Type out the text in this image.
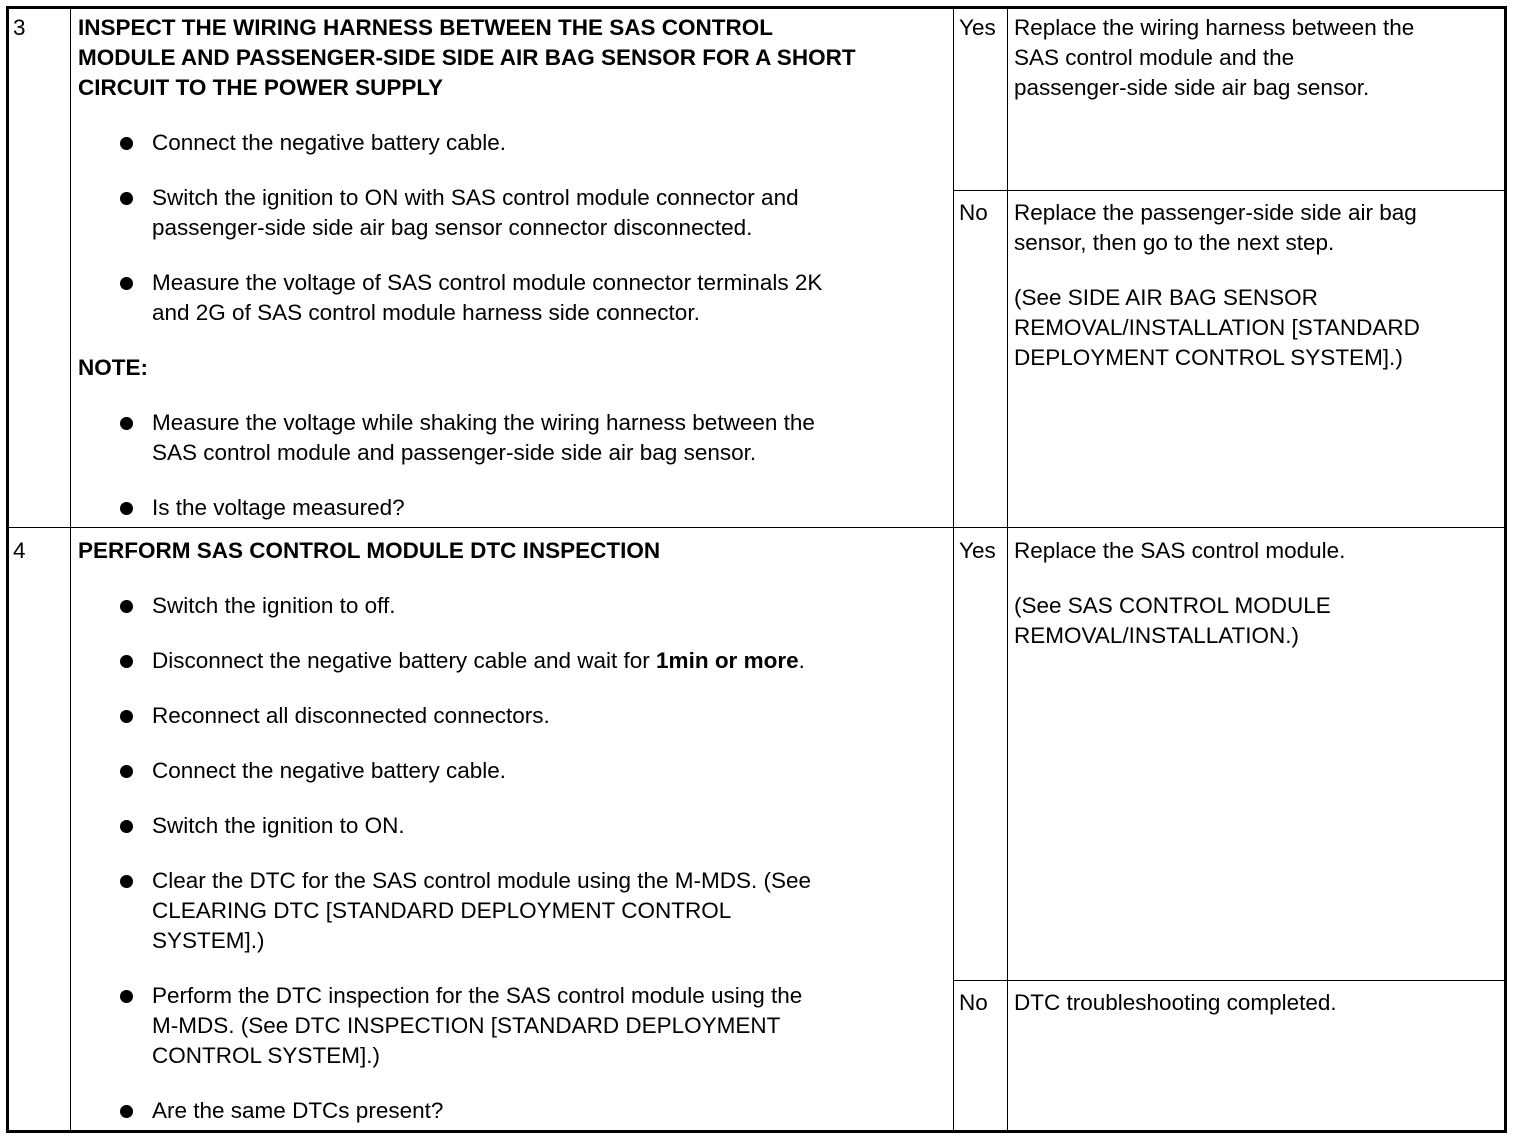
3 INSPECT THE WIRING HARNESS BETWEEN THE SAS CONTROL
MODULE AND PASSENGER-SIDE SIDE AIR BAG SENSOR FOR A SHORT
CIRCUIT TO THE POWER SUPPLY
Connect the negative battery cable.
Switch the ignition to ON with SAS control module connector and
passenger-side side air bag sensor connector disconnected.
Measure the voltage of SAS control module connector terminals 2K
and 2G of SAS control module harness side connector.
NOTE:
Measure the voltage while shaking the wiring harness between the
SAS control module and passenger-side side air bag sensor.
Is the voltage measured?
Yes Replace the wiring harness between the
SAS control module and the
passenger-side side air bag sensor.
No Replace the passenger-side side air bag
sensor, then go to the next step.
(See SIDE AIR BAG SENSOR
REMOVAL/INSTALLATION [STANDARD
DEPLOYMENT CONTROL SYSTEM].)
4 PERFORM SAS CONTROL MODULE DTC INSPECTION
Switch the ignition to off.
Disconnect the negative battery cable and wait for 1min or more.
Reconnect all disconnected connectors.
Connect the negative battery cable.
Switch the ignition to ON.
Clear the DTC for the SAS control module using the M-MDS. (See
CLEARING DTC [STANDARD DEPLOYMENT CONTROL
SYSTEM].)
Perform the DTC inspection for the SAS control module using the
M-MDS. (See DTC INSPECTION [STANDARD DEPLOYMENT
CONTROL SYSTEM].)
Are the same DTCs present?
Yes Replace the SAS control module.
(See SAS CONTROL MODULE
REMOVAL/INSTALLATION.)
No DTC troubleshooting completed.
